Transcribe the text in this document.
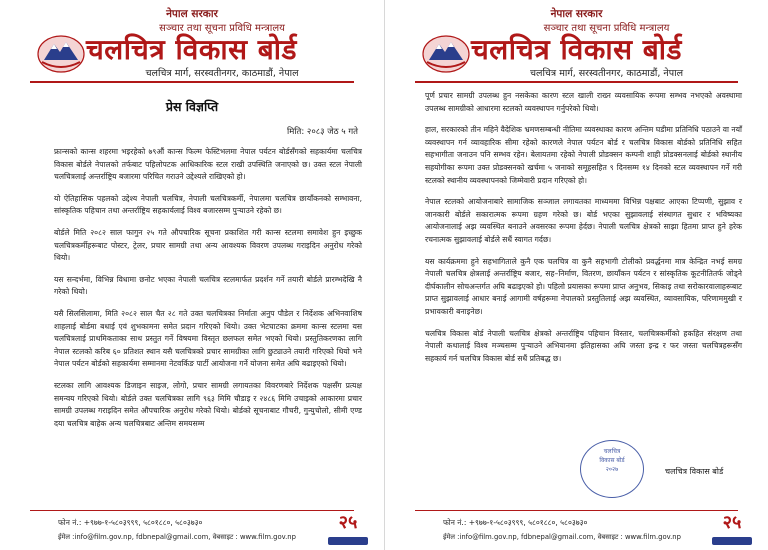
नेपाल सरकार
सञ्चार तथा सूचना प्रविधि मन्त्रालय
चलचित्र विकास बोर्ड
चलचित्र मार्ग, सरस्वतीनगर, काठमाडौं, नेपाल
प्रेस विज्ञप्ति
मिति: २०८३ जेठ ५ गते

फ्रान्सको कान्स शहरमा भइरहेको ७९औं कान्स फिल्म फेस्टिभलमा नेपाल पर्यटन बोर्डसँगको सहकार्यमा चलचित्र विकास बोर्डले नेपालको तर्फबाट पहिलोपटक आधिकारिक स्टल राखी उपस्थिति जनाएको छ। उक्त स्टल नेपाली चलचित्रलाई अन्तर्राष्ट्रिय बजारमा परिचित गराउने उद्देश्यले राखिएको हो।

यो ऐतिहासिक पहलको उद्देश्य नेपाली चलचित्र, नेपाली चलचित्रकर्मी, नेपालमा चलचित्र छायाँकनको सम्भावना, सांस्कृतिक पहिचान तथा अन्तर्राष्ट्रिय सहकार्यलाई विश्व बजारसम्म पुऱ्याउने रहेको छ।

बोर्डले मिति २०८२ साल फागुन २५ गते औपचारिक सूचना प्रकाशित गरी कान्स स्टलमा समावेश हुन इच्छुक चलचित्रकर्मीहरूबाट पोस्टर, ट्रेलर, प्रचार सामग्री तथा अन्य आवश्यक विवरण उपलब्ध गराइदिन अनुरोध गरेको थियो।

यस सन्दर्भमा, विभिन्न विधामा छनोट भएका नेपाली चलचित्र स्टलमार्फत प्रदर्शन गर्ने तयारी बोर्डले प्रारम्भदेखि नै गरेको थियो।

यसै सिलसिलामा, मिति २०८२ साल चैत २८ गते उक्त चलचित्रका निर्माता अनुप पौडेल र निर्देशक अभिनवाशिष शाहलाई बोर्डमा बधाई एवं शुभकामना समेत प्रदान गरिएको थियो। उक्त भेटघाटका क्रममा कान्स स्टलमा यस चलचित्रलाई प्राथमिकताका साथ प्रस्तुत गर्ने विषयमा विस्तृत छलफल समेत भएको थियो। प्रस्तुतिकरणका लागि नेपाल स्टलको करिब ६० प्रतिशत स्थान यसै चलचित्रको प्रचार सामग्रीका लागि छुट्याउने तयारी गरिएको थियो भने नेपाल पर्यटन बोर्डको सहकार्यमा सम्मानमा नेटवर्किङ पार्टी आयोजना गर्ने योजना समेत अघि बढाइएको थियो।

स्टलका लागि आवश्यक डिजाइन साइज, लोगो, प्रचार सामग्री लगायतका विवरणबारे निर्देशक पक्षसँग प्रत्यक्ष समन्वय गरिएको थियो। बोर्डले उक्त चलचित्रका लागि ९६३ मिमि चौडाइ र २४८६ मिमि उचाइको आकारमा प्रचार सामग्री उपलब्ध गराइदिन समेत औपचारिक अनुरोध गरेको थियो। बोर्डको सूचनाबाट गौचरी, गुन्युचोलो, सीमी एण्ड दया चलचित्र बाहेक अन्य चलचित्रबाट अन्तिम समयसम्म

फोन नं.: +९७७-१-५८०३९९९, ५८०१८८०, ५८०३७३०
ईमेल :info@film.gov.np, fdbnepal@gmail.com, वेबसाइट : www.film.gov.np
२५
नेपाल सरकार
सञ्चार तथा सूचना प्रविधि मन्त्रालय
चलचित्र विकास बोर्ड
चलचित्र मार्ग, सरस्वतीनगर, काठमाडौं, नेपाल

पूर्ण प्रचार सामग्री उपलब्ध हुन नसकेका कारण स्टल खाली राख्न व्यवसायिक रूपमा सम्भव नभएको अवस्थामा उपलब्ध सामग्रीको आधारमा स्टलको व्यवस्थापन गर्नुपरेको थियो।

हाल, सरकारको तीन महिने वैदेशिक भ्रमणसम्बन्धी नीतिमा व्यवस्थाका कारण अन्तिम घडीमा प्रतिनिधि पठाउने वा नयाँ व्यवस्थापन गर्न व्यावहारिक सीमा रहेको कारणले नेपाल पर्यटन बोर्ड र चलचित्र विकास बोर्डको प्रतिनिधि सहित सहभागीता जनाउन पनि सम्भव रहेन। बेलायतमा रहेको नेपाली प्रोडक्सन कम्पनी शाही प्रोडक्सनलाई बोर्डको स्थानीय सहयोगीका रूपमा उक्त प्रोडक्सनको खर्चमा ५ जनाको समूहसहित ९ दिनसम्म १४ दिनको स्टल व्यवस्थापन गर्ने गरी स्टलको स्थानीय व्यवस्थापनको जिम्मेवारी प्रदान गरिएको हो।

नेपाल स्टलको आयोजनाबारे सामाजिक सञ्जाल लगायतका माध्यममा विभिन्न पक्षबाट आएका टिप्पणी, सुझाव र जानकारी बोर्डले सकारात्मक रूपमा ग्रहण गरेको छ। बोर्ड भएका सुझावलाई संस्थागत सुधार र भविष्यका आयोजनालाई अझ व्यवस्थित बनाउने अवसरका रूपमा हेर्दछ। नेपाली चलचित्र क्षेत्रको साझा हितमा प्राप्त हुने हरेक रचनात्मक सुझावलाई बोर्डले सधैं स्वागत गर्दछ।

यस कार्यक्रममा हुने सहभागिताले कुनै एक चलचित्र वा कुनै सहभागी टोलीको प्रवर्द्धनमा मात्र केन्द्रित नभई समग्र नेपाली चलचित्र क्षेत्रलाई अन्तर्राष्ट्रिय बजार, सह–निर्माण, वितरण, छायाँकन पर्यटन र सांस्कृतिक कूटनीतितर्फ जोड्ने दीर्घकालीन सोचअन्तर्गत अघि बढाइएको हो। पहिलो प्रयासका रूपमा प्राप्त अनुभव, सिकाइ तथा सरोकारवालाहरूबाट प्राप्त सुझावलाई आधार बनाई आगामी वर्षहरूमा नेपालको प्रस्तुतिलाई अझ व्यवस्थित, व्यावसायिक, परिणाममुखी र प्रभावकारी बनाइनेछ।

चलचित्र विकास बोर्ड नेपाली चलचित्र क्षेत्रको अन्तर्राष्ट्रिय पहिचान विस्तार, चलचित्रकर्मीको हकहित संरक्षण तथा नेपाली कथालाई विश्व मञ्चसम्म पुऱ्याउने अभियानमा इतिहासका अघि जस्ता इन्द्र र फर जस्ता चलचित्रहरूसँग सहकार्य गर्न चलचित्र विकास बोर्ड सधैं प्रतिबद्ध छ।

चलचित्र
विकास बोर्ड
२०२७	चलचित्र विकास बोर्ड
फोन नं.: +९७७-१-५८०३९९९, ५८०१८८०, ५८०३७३०
ईमेल :info@film.gov.np, fdbnepal@gmail.com, वेबसाइट : www.film.gov.np
२५
